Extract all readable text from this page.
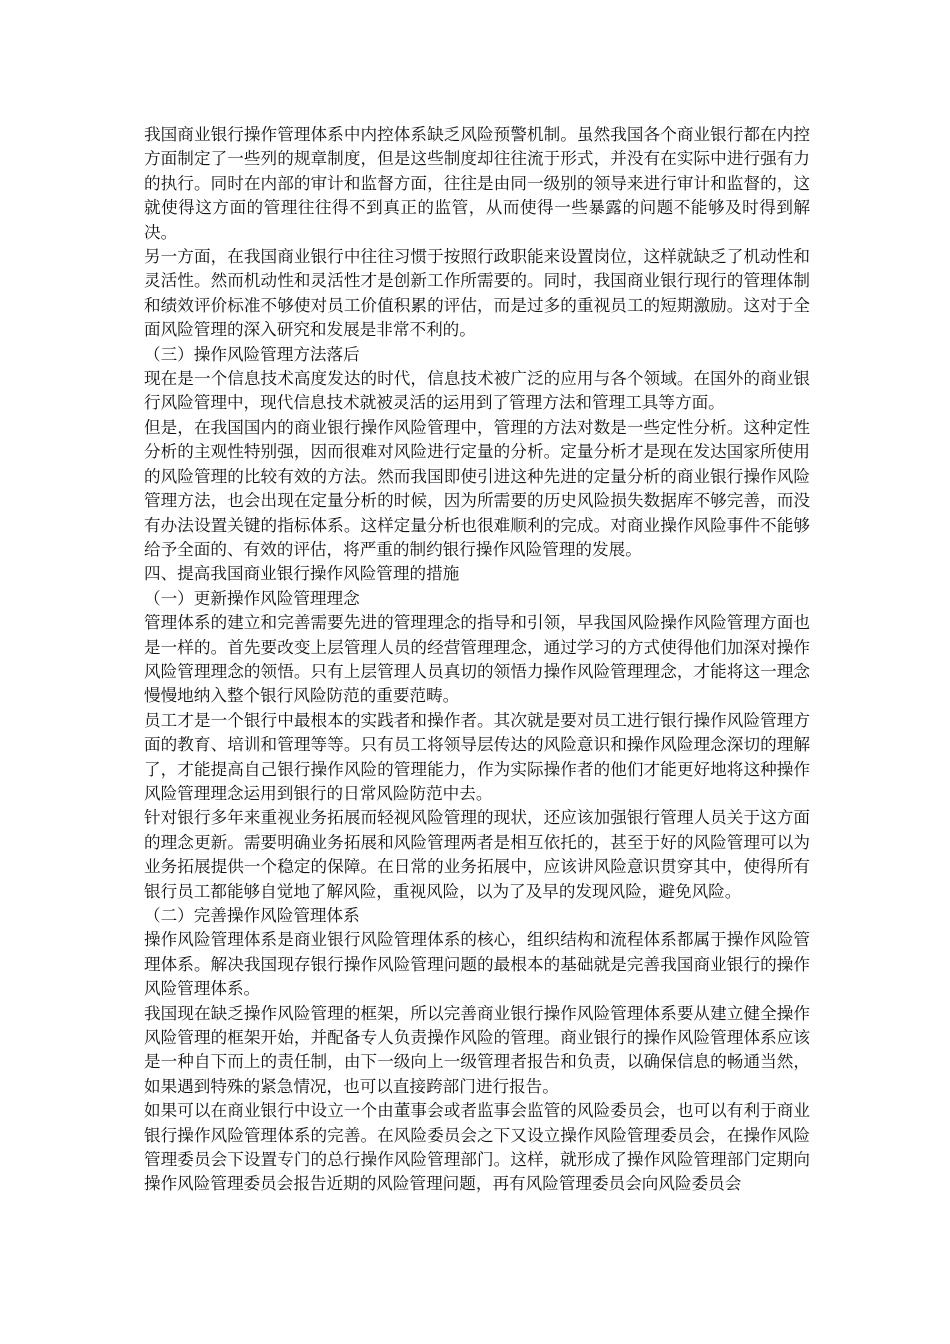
我国商业银行操作管理体系中内控体系缺乏风险预警机制。虽然我国各个商业银行都在内控方面制定了一些列的规章制度，但是这些制度却往往流于形式，并没有在实际中进行强有力的执行。同时在内部的审计和监督方面，往往是由同一级别的领导来进行审计和监督的，这就使得这方面的管理往往得不到真正的监管，从而使得一些暴露的问题不能够及时得到解决。

另一方面，在我国商业银行中往往习惯于按照行政职能来设置岗位，这样就缺乏了机动性和灵活性。然而机动性和灵活性才是创新工作所需要的。同时，我国商业银行现行的管理体制和绩效评价标准不够使对员工价值积累的评估，而是过多的重视员工的短期激励。这对于全面风险管理的深入研究和发展是非常不利的。

（三）操作风险管理方法落后

现在是一个信息技术高度发达的时代，信息技术被广泛的应用与各个领域。在国外的商业银行风险管理中，现代信息技术就被灵活的运用到了管理方法和管理工具等方面。

但是，在我国国内的商业银行操作风险管理中，管理的方法对数是一些定性分析。这种定性分析的主观性特别强，因而很难对风险进行定量的分析。定量分析才是现在发达国家所使用的风险管理的比较有效的方法。然而我国即使引进这种先进的定量分析的商业银行操作风险管理方法，也会出现在定量分析的时候，因为所需要的历史风险损失数据库不够完善，而没有办法设置关键的指标体系。这样定量分析也很难顺利的完成。对商业操作风险事件不能够给予全面的、有效的评估，将严重的制约银行操作风险管理的发展。

四、提高我国商业银行操作风险管理的措施

（一）更新操作风险管理理念

管理体系的建立和完善需要先进的管理理念的指导和引领，早我国风险操作风险管理方面也是一样的。首先要改变上层管理人员的经营管理理念，通过学习的方式使得他们加深对操作风险管理理念的领悟。只有上层管理人员真切的领悟力操作风险管理理念，才能将这一理念慢慢地纳入整个银行风险防范的重要范畴。

员工才是一个银行中最根本的实践者和操作者。其次就是要对员工进行银行操作风险管理方面的教育、培训和管理等等。只有员工将领导层传达的风险意识和操作风险理念深切的理解了，才能提高自己银行操作风险的管理能力，作为实际操作者的他们才能更好地将这种操作风险管理理念运用到银行的日常风险防范中去。

针对银行多年来重视业务拓展而轻视风险管理的现状，还应该加强银行管理人员关于这方面的理念更新。需要明确业务拓展和风险管理两者是相互依托的，甚至于好的风险管理可以为业务拓展提供一个稳定的保障。在日常的业务拓展中，应该讲风险意识贯穿其中，使得所有银行员工都能够自觉地了解风险，重视风险，以为了及早的发现风险，避免风险。

（二）完善操作风险管理体系

操作风险管理体系是商业银行风险管理体系的核心，组织结构和流程体系都属于操作风险管理体系。解决我国现存银行操作风险管理问题的最根本的基础就是完善我国商业银行的操作风险管理体系。

我国现在缺乏操作风险管理的框架，所以完善商业银行操作风险管理体系要从建立健全操作风险管理的框架开始，并配备专人负责操作风险的管理。商业银行的操作风险管理体系应该是一种自下而上的责任制，由下一级向上一级管理者报告和负责，以确保信息的畅通当然，如果遇到特殊的紧急情况，也可以直接跨部门进行报告。

如果可以在商业银行中设立一个由董事会或者监事会监管的风险委员会，也可以有利于商业银行操作风险管理体系的完善。在风险委员会之下又设立操作风险管理委员会，在操作风险管理委员会下设置专门的总行操作风险管理部门。这样，就形成了操作风险管理部门定期向操作风险管理委员会报告近期的风险管理问题，再有风险管理委员会向风险委员会
